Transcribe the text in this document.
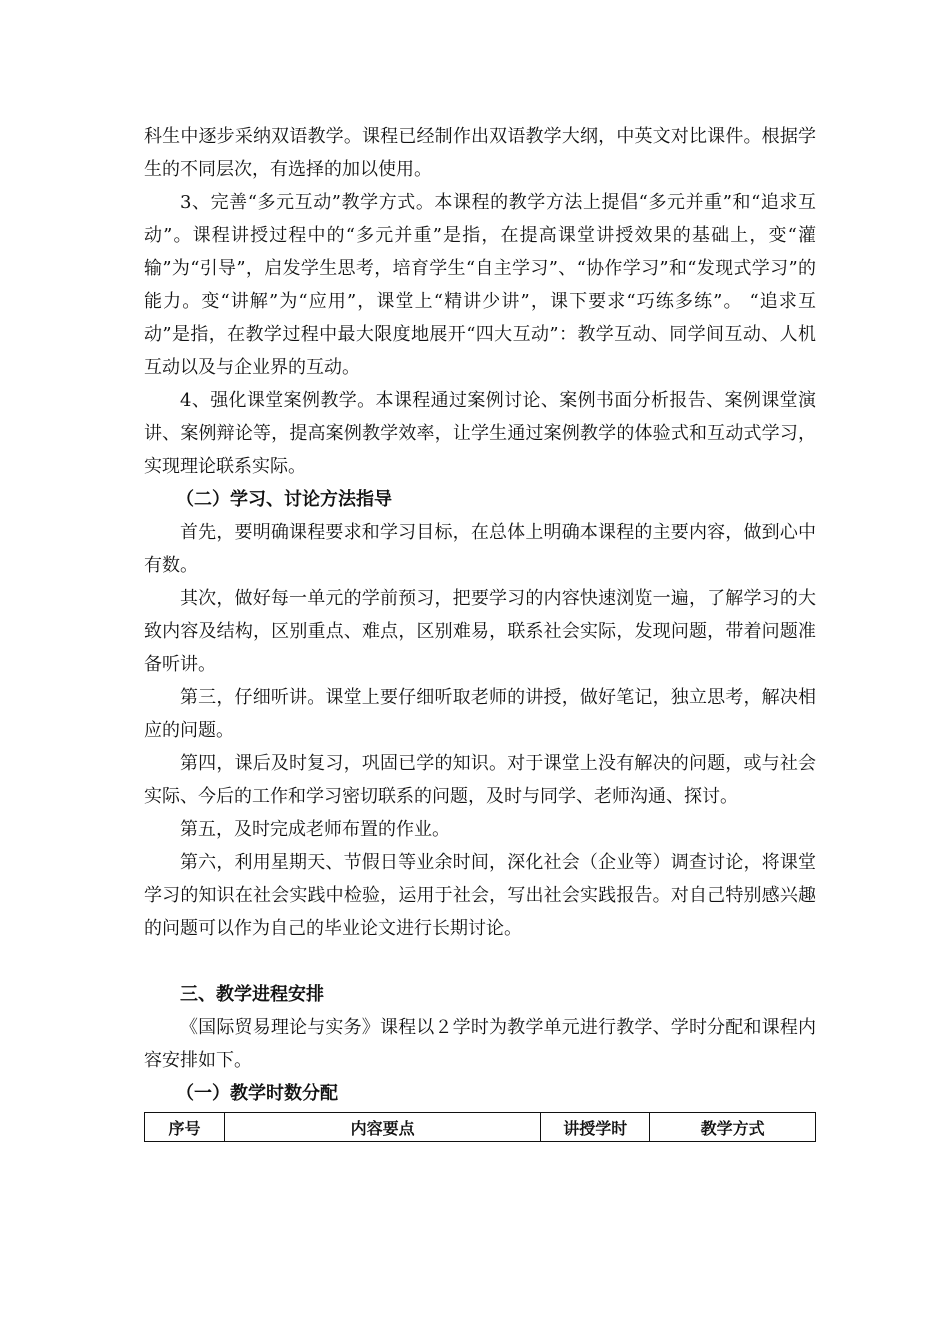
科生中逐步采纳双语教学。课程已经制作出双语教学大纲，中英文对比课件。根据学生的不同层次，有选择的加以使用。

3、完善“多元互动”教学方式。本课程的教学方法上提倡“多元并重”和“追求互动”。课程讲授过程中的“多元并重”是指，在提高课堂讲授效果的基础上，变“灌输”为“引导”，启发学生思考，培育学生“自主学习”、“协作学习”和“发现式学习”的能力。变“讲解”为“应用”，课堂上“精讲少讲”，课下要求“巧练多练”。 “追求互动”是指，在教学过程中最大限度地展开“四大互动”：教学互动、同学间互动、人机互动以及与企业界的互动。

4、强化课堂案例教学。本课程通过案例讨论、案例书面分析报告、案例课堂演讲、案例辩论等，提高案例教学效率，让学生通过案例教学的体验式和互动式学习，实现理论联系实际。

（二）学习、讨论方法指导

首先，要明确课程要求和学习目标，在总体上明确本课程的主要内容，做到心中有数。

其次，做好每一单元的学前预习，把要学习的内容快速浏览一遍，了解学习的大致内容及结构，区别重点、难点，区别难易，联系社会实际，发现问题，带着问题准备听讲。

第三，仔细听讲。课堂上要仔细听取老师的讲授，做好笔记，独立思考，解决相应的问题。

第四，课后及时复习，巩固已学的知识。对于课堂上没有解决的问题，或与社会实际、今后的工作和学习密切联系的问题，及时与同学、老师沟通、探讨。

第五，及时完成老师布置的作业。

第六，利用星期天、节假日等业余时间，深化社会（企业等）调查讨论，将课堂学习的知识在社会实践中检验，运用于社会，写出社会实践报告。对自己特别感兴趣的问题可以作为自己的毕业论文进行长期讨论。

三、教学进程安排

《国际贸易理论与实务》课程以２学时为教学单元进行教学、学时分配和课程内容安排如下。

（一）教学时数分配

序号	内容要点	讲授学时	教学方式
